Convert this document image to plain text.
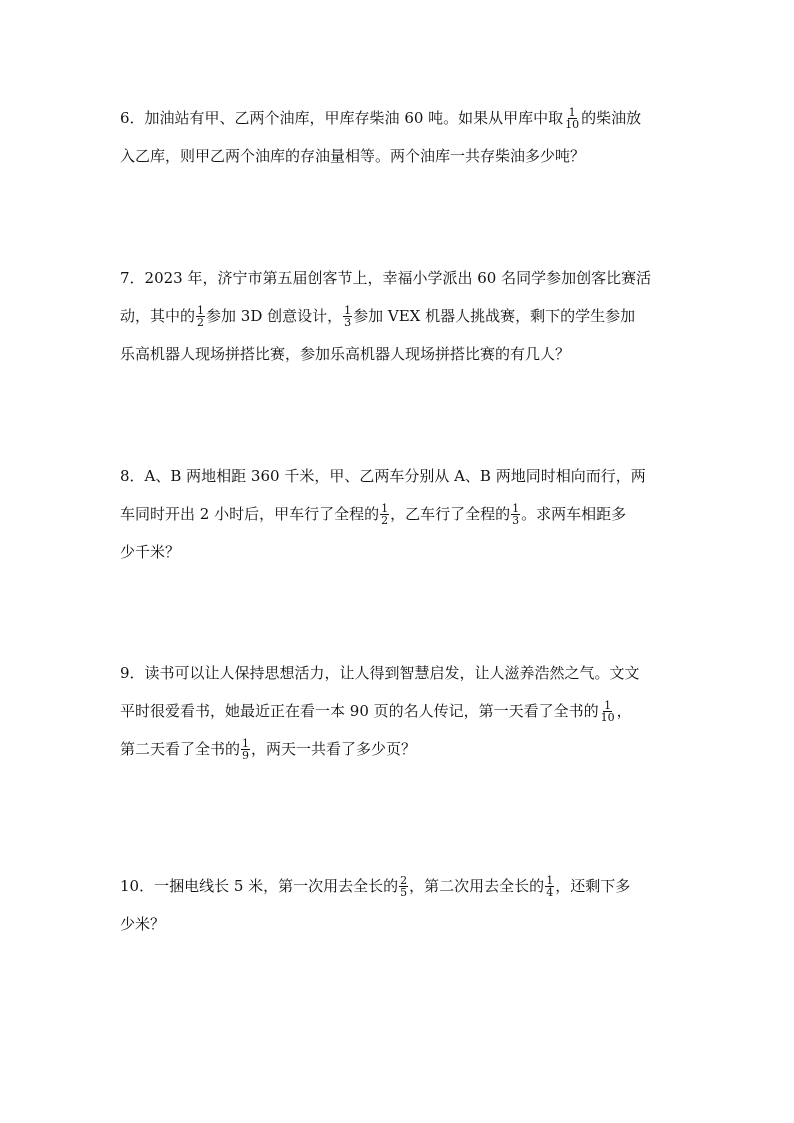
6．加油站有甲、乙两个油库，甲库存柴油 60 吨。如果从甲库中取 $\frac{1}{10}$ 的柴油放
入乙库，则甲乙两个油库的存油量相等。两个油库一共存柴油多少吨？
7．2023 年，济宁市第五届创客节上，幸福小学派出 60 名同学参加创客比赛活
动，其中的 $\frac{1}{2}$ 参加 3D 创意设计， $\frac{1}{3}$ 参加 VEX 机器人挑战赛，剩下的学生参加
乐高机器人现场拼搭比赛，参加乐高机器人现场拼搭比赛的有几人？
8．A、B 两地相距 360 千米，甲、乙两车分别从 A、B 两地同时相向而行，两
车同时开出 2 小时后，甲车行了全程的 $\frac{1}{2}$ ，乙车行了全程的 $\frac{1}{3}$ 。求两车相距多
少千米？
9．读书可以让人保持思想活力，让人得到智慧启发，让人滋养浩然之气。文文
平时很爱看书，她最近正在看一本 90 页的名人传记，第一天看了全书的 $\frac{1}{10}$ ，
第二天看了全书的 $\frac{1}{9}$ ，两天一共看了多少页？
10．一捆电线长 5 米，第一次用去全长的 $\frac{2}{5}$ ，第二次用去全长的 $\frac{1}{4}$ ，还剩下多
少米？
